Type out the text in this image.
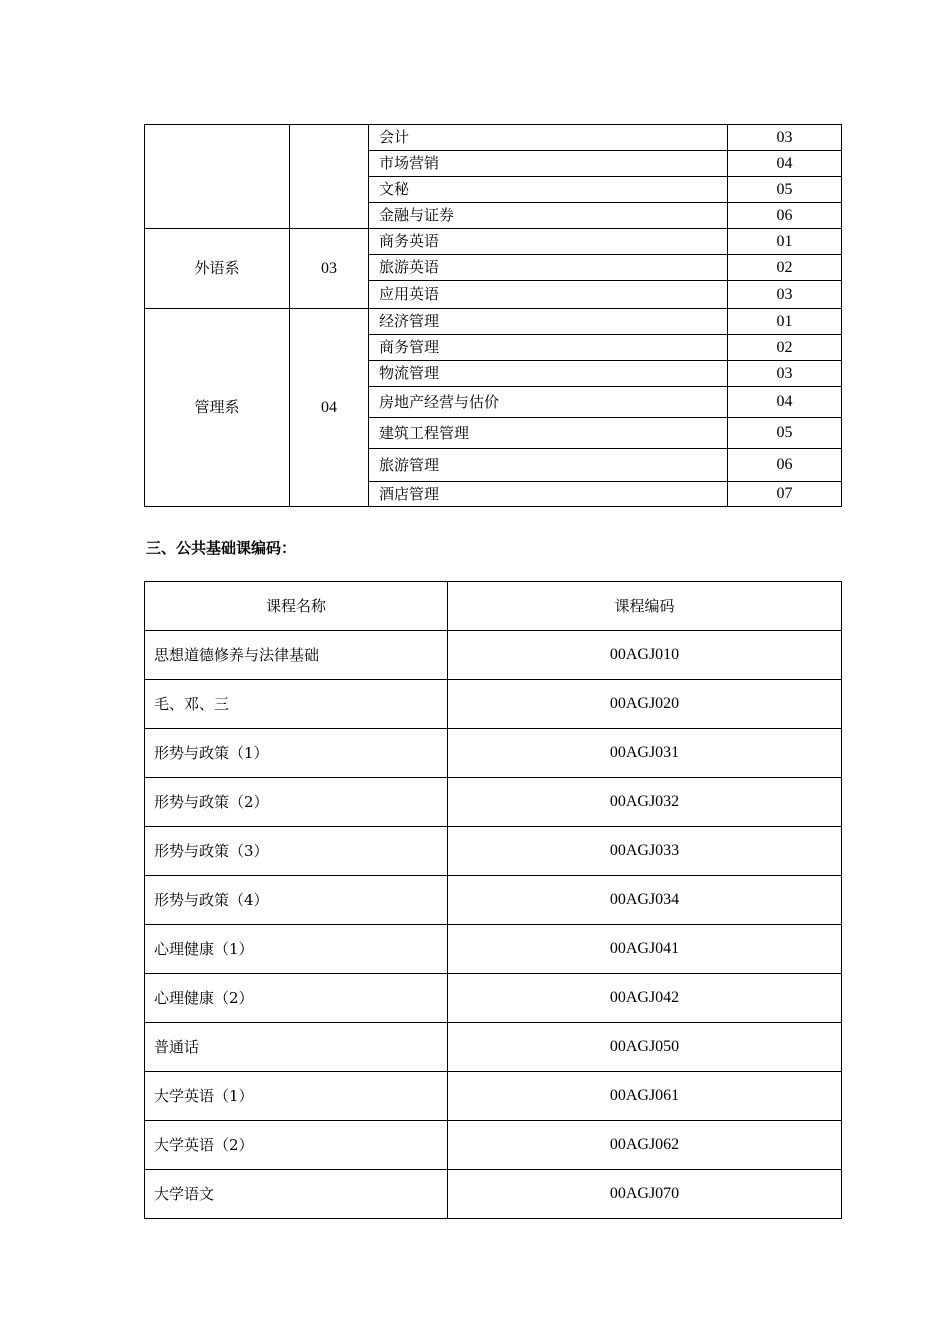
		会计	03
		市场营销	04
		文秘	05
		金融与证券	06
外语系	03	商务英语	01
		旅游英语	02
		应用英语	03
管理系	04	经济管理	01
		商务管理	02
		物流管理	03
		房地产经营与估价	04
		建筑工程管理	05
		旅游管理	06
		酒店管理	07
三、公共基础课编码：
课程名称	课程编码
思想道德修养与法律基础	00AGJ010
毛、邓、三	00AGJ020
形势与政策（1）	00AGJ031
形势与政策（2）	00AGJ032
形势与政策（3）	00AGJ033
形势与政策（4）	00AGJ034
心理健康（1）	00AGJ041
心理健康（2）	00AGJ042
普通话	00AGJ050
大学英语（1）	00AGJ061
大学英语（2）	00AGJ062
大学语文	00AGJ070
